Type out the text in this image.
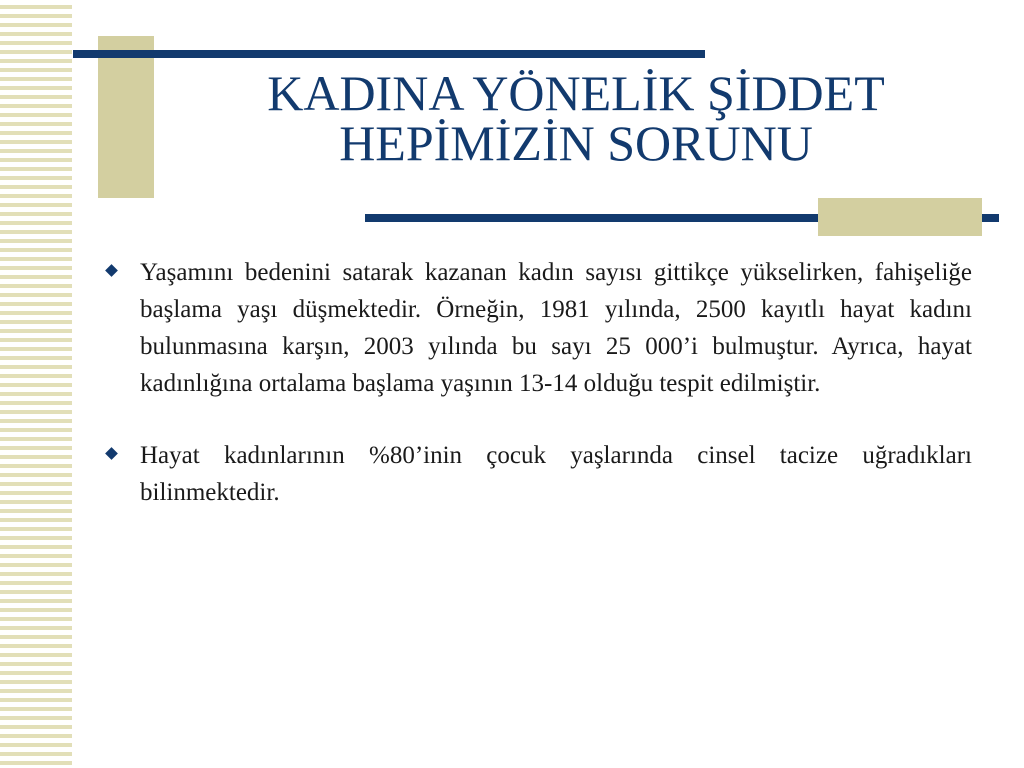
KADINA YÖNELİK ŞİDDET
HEPİMİZİN SORUNU
Yaşamını bedenini satarak kazanan kadın sayısı gittikçe yükselirken, fahişeliğe başlama yaşı düşmektedir. Örneğin, 1981 yılında, 2500 kayıtlı hayat kadını bulunmasına karşın, 2003 yılında bu sayı 25 000’i bulmuştur. Ayrıca, hayat kadınlığına ortalama başlama yaşının 13-14 olduğu tespit edilmiştir.
Hayat kadınlarının %80’inin çocuk yaşlarında cinsel tacize uğradıkları bilinmektedir.
